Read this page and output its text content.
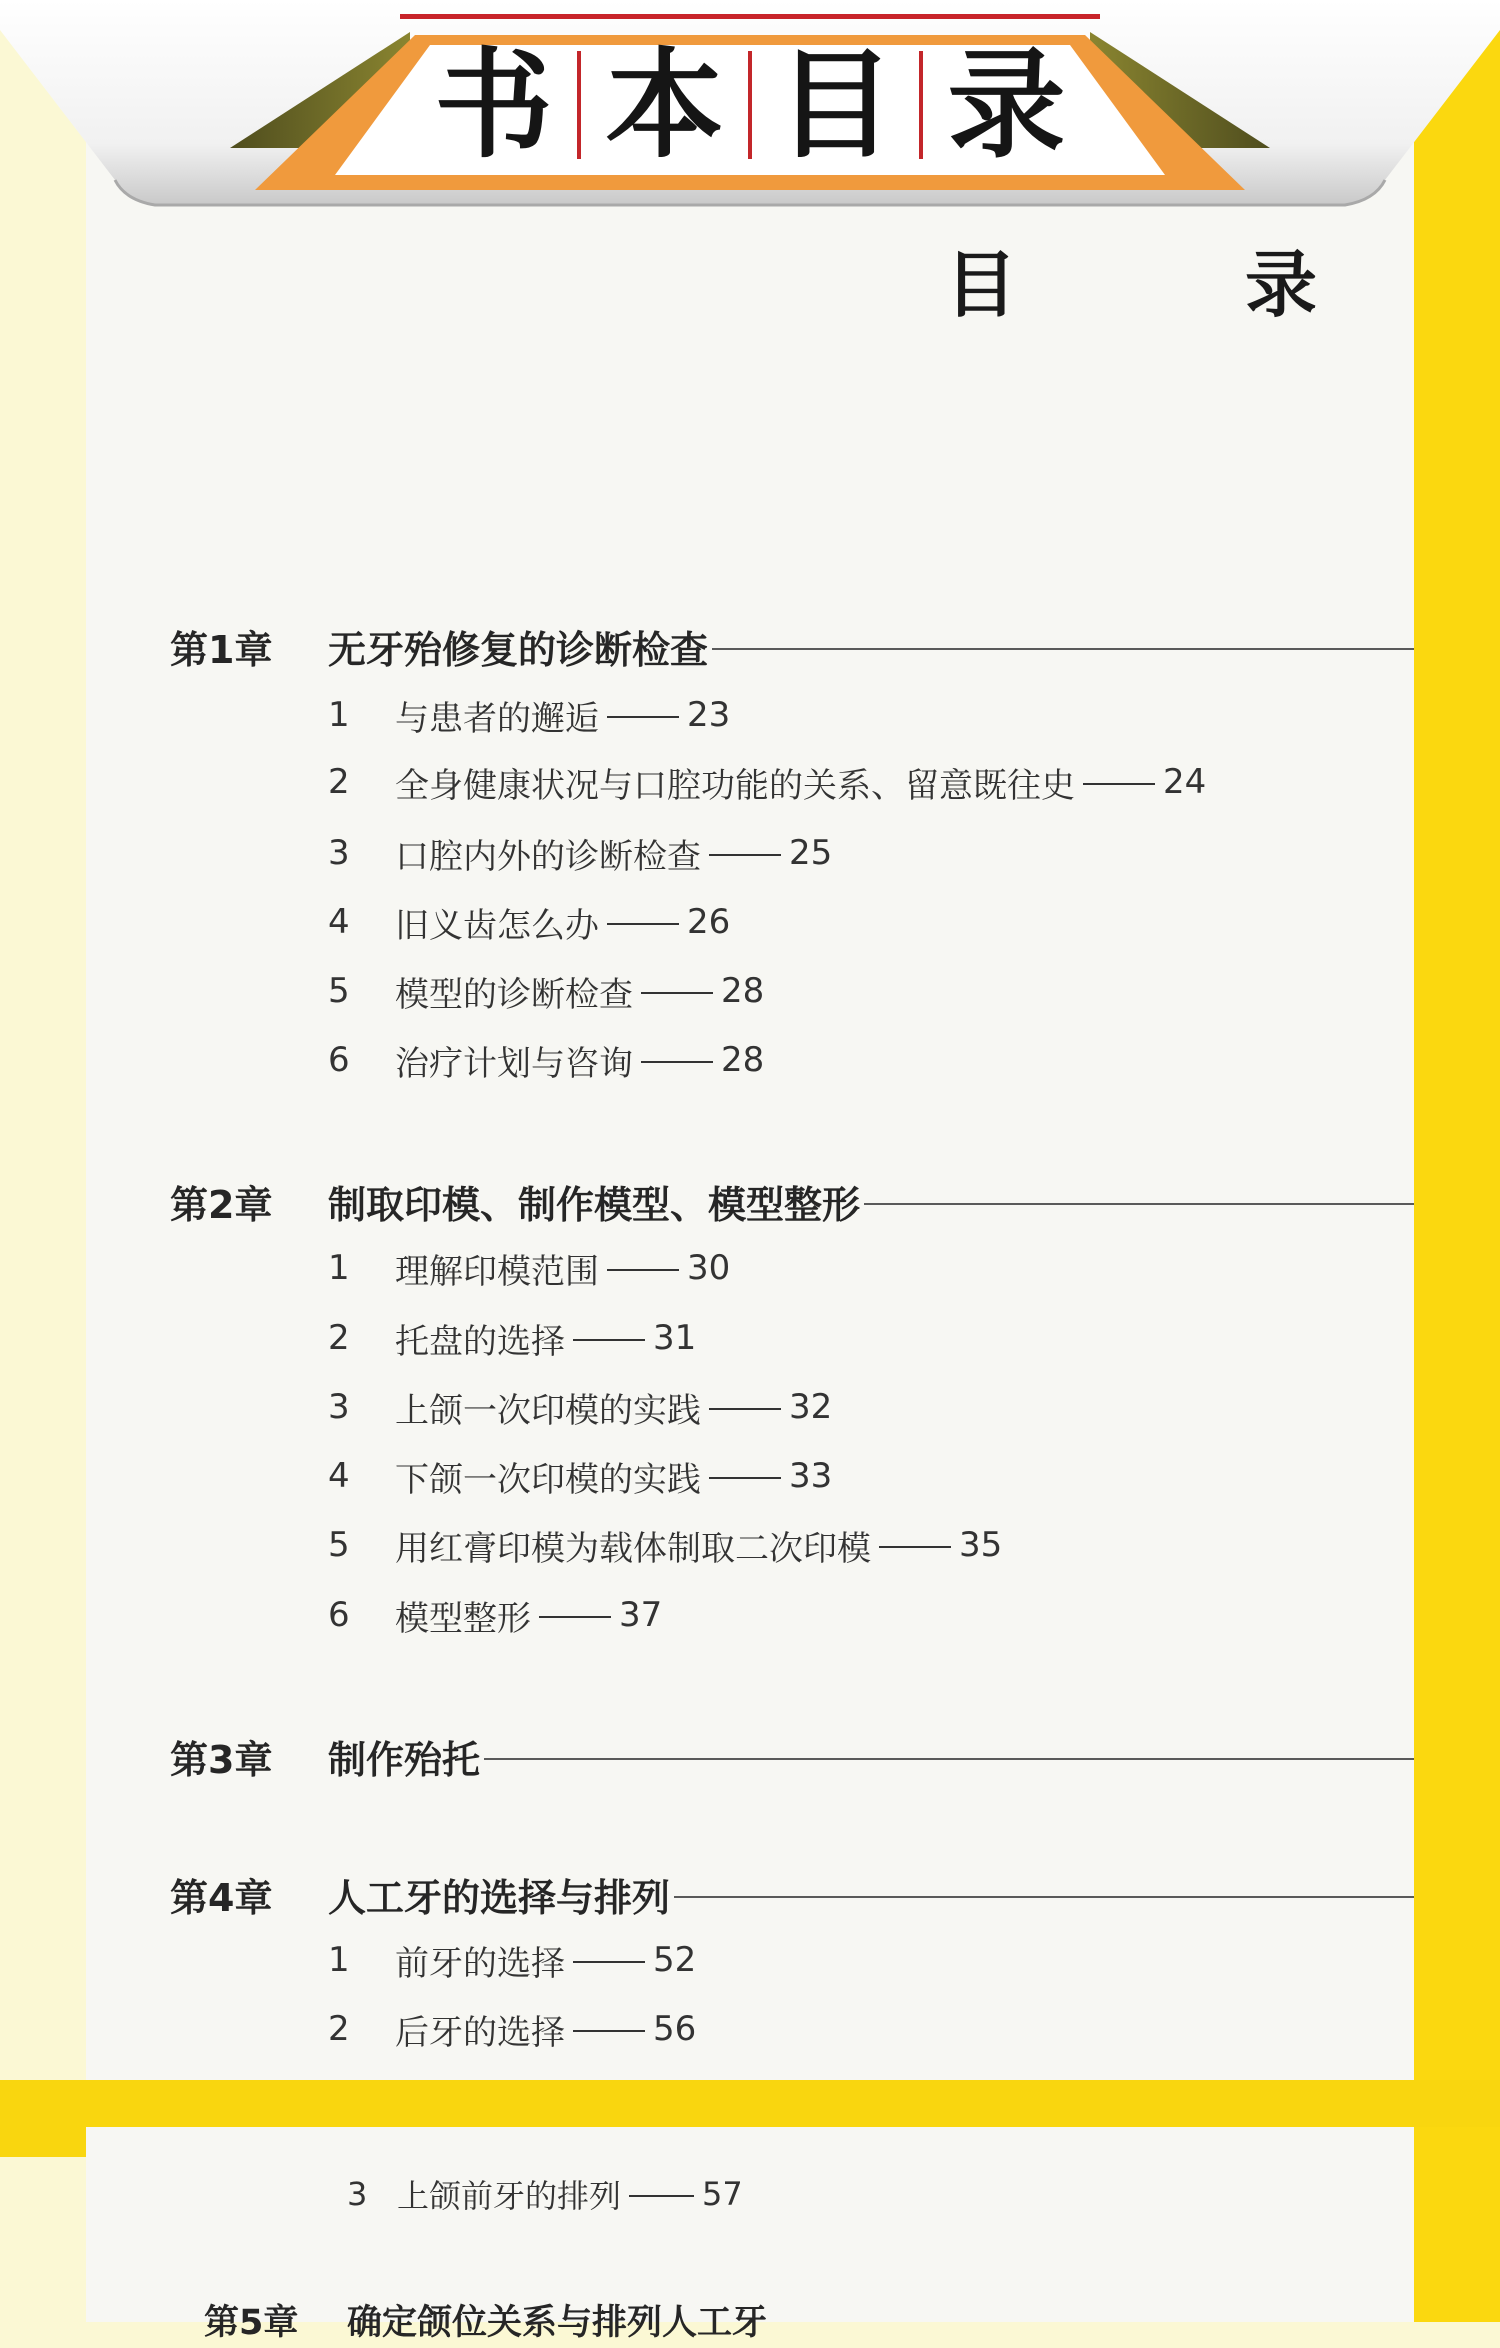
书 本 目 录
目　录
第1章	无牙殆修复的诊断检查
1	与患者的邂逅	23
2	全身健康状况与口腔功能的关系、留意既往史	24
3	口腔内外的诊断检查	25
4	旧义齿怎么办	26
5	模型的诊断检查	28
6	治疗计划与咨询	28
第2章	制取印模、制作模型、模型整形
1	理解印模范围	30
2	托盘的选择	31
3	上颌一次印模的实践	32
4	下颌一次印模的实践	33
5	用红膏印模为载体制取二次印模	35
6	模型整形	37
第3章	制作殆托
第4章	人工牙的选择与排列
1	前牙的选择	52
2	后牙的选择	56
3 上颌前牙的排列	57
第5章	确定颌位关系与排列人工牙
